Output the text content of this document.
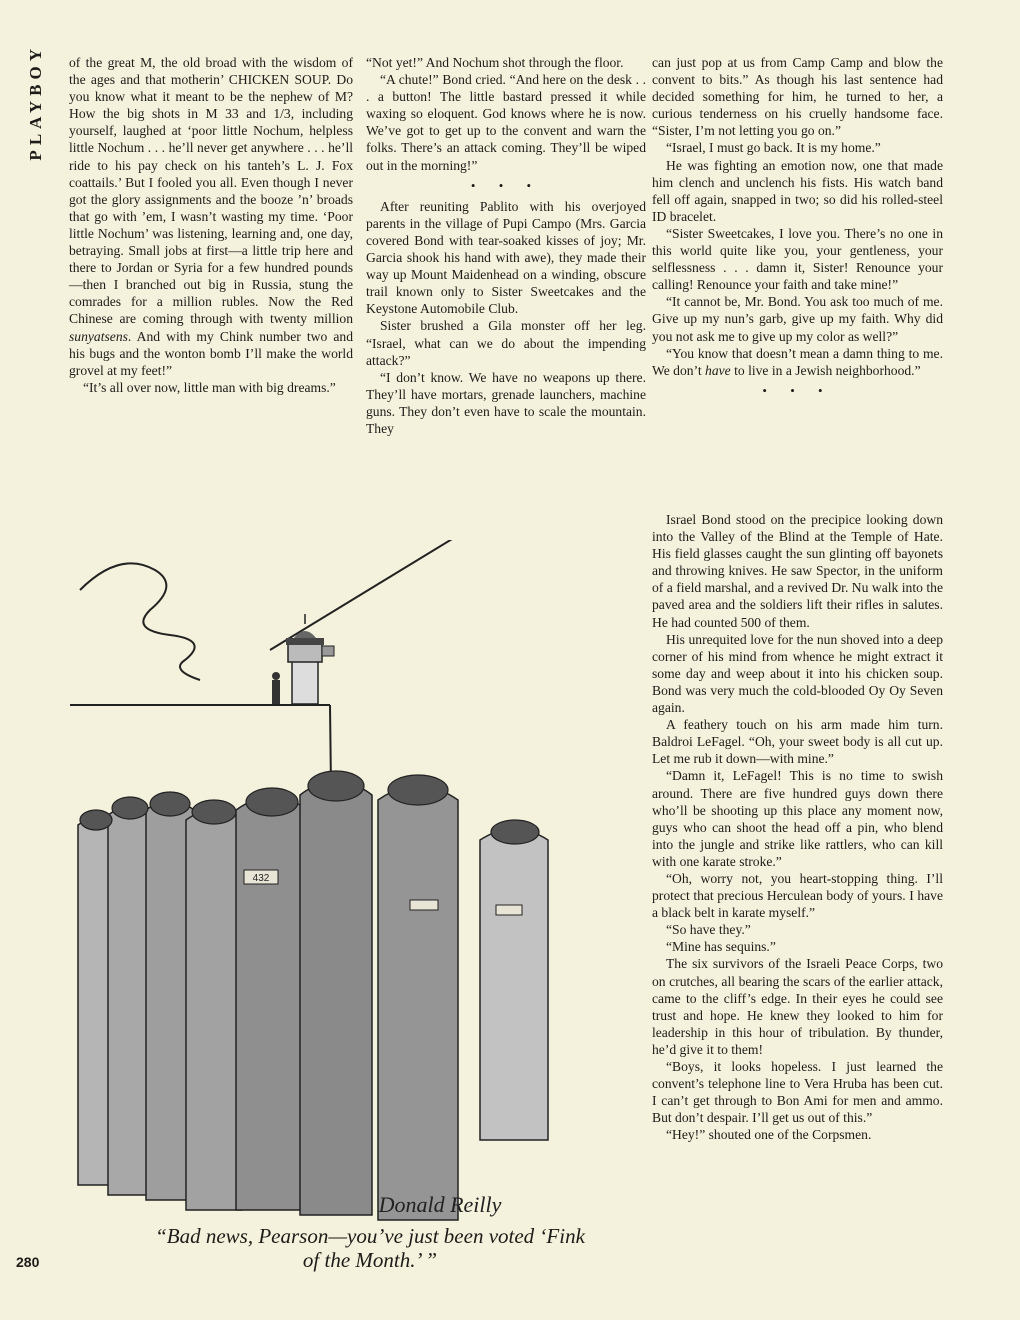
PLAYBOY	of the great M, the old broad with the wisdom of the ages and that motherin’ CHICKEN SOUP. Do you know what it meant to be the nephew of M? How the big shots in M 33 and 1/3, including yourself, laughed at ‘poor little Nochum, helpless little Nochum . . . he’ll never get anywhere . . . he’ll ride to his pay check on his tanteh’s L. J. Fox coattails.’ But I fooled you all. Even though I never got the glory assignments and the booze ’n’ broads that go with ’em, I wasn’t wasting my time. ‘Poor little Nochum’ was listening, learning and, one day, betraying. Small jobs at first—a little trip here and there to Jordan or Syria for a few hundred pounds—then I branched out big in Russia, stung the comrades for a million rubles. Now the Red Chinese are coming through with twenty million sunyatsens. And with my Chink number two and his bugs and the wonton bomb I’ll make the world grovel at my feet!”

“It’s all over now, little man with big dreams.”

“Not yet!” And Nochum shot through the floor.

“A chute!” Bond cried. “And here on the desk . . . a button! The little bastard pressed it while waxing so eloquent. God knows where he is now. We’ve got to get up to the convent and warn the folks. There’s an attack coming. They’ll be wiped out in the morning!”

• • •

After reuniting Pablito with his overjoyed parents in the village of Pupi Campo (Mrs. Garcia covered Bond with tear-soaked kisses of joy; Mr. Garcia shook his hand with awe), they made their way up Mount Maidenhead on a winding, obscure trail known only to Sister Sweetcakes and the Keystone Automobile Club.

Sister brushed a Gila monster off her leg. “Israel, what can we do about the impending attack?”

“I don’t know. We have no weapons up there. They’ll have mortars, grenade launchers, machine guns. They don’t even have to scale the mountain. They

can just pop at us from Camp Camp and blow the convent to bits.” As though his last sentence had decided something for him, he turned to her, a curious tenderness on his cruelly handsome face. “Sister, I’m not letting you go on.”

“Israel, I must go back. It is my home.”

He was fighting an emotion now, one that made him clench and unclench his fists. His watch band fell off again, snapped in two; so did his rolled-steel ID bracelet.

“Sister Sweetcakes, I love you. There’s no one in this world quite like you, your gentleness, your selflessness . . . damn it, Sister! Renounce your calling! Renounce your faith and take mine!”

“It cannot be, Mr. Bond. You ask too much of me. Give up my nun’s garb, give up my faith. Why did you not ask me to give up my color as well?”

“You know that doesn’t mean a damn thing to me. We don’t have to live in a Jewish neighborhood.”

• • •

Israel Bond stood on the precipice looking down into the Valley of the Blind at the Temple of Hate. His field glasses caught the sun glinting off bayonets and throwing knives. He saw Spector, in the uniform of a field marshal, and a revived Dr. Nu walk into the paved area and the soldiers lift their rifles in salutes. He had counted 500 of them.

His unrequited love for the nun shoved into a deep corner of his mind from whence he might extract it some day and weep about it into his chicken soup. Bond was very much the cold-blooded Oy Oy Seven again.

A feathery touch on his arm made him turn. Baldroi LeFagel. “Oh, your sweet body is all cut up. Let me rub it down—with mine.”

“Damn it, LeFagel! This is no time to swish around. There are five hundred guys down there who’ll be shooting up this place any moment now, guys who can shoot the head off a pin, who blend into the jungle and strike like rattlers, who can kill with one karate stroke.”

“Oh, worry not, you heart-stopping thing. I’ll protect that precious Herculean body of yours. I have a black belt in karate myself.”

“So have they.”

“Mine has sequins.”

The six survivors of the Israeli Peace Corps, two on crutches, all bearing the scars of the earlier attack, came to the cliff’s edge. In their eyes he could see trust and hope. He knew they looked to him for leadership in this hour of tribulation. By thunder, he’d give it to them!

“Boys, it looks hopeless. I just learned the convent’s telephone line to Vera Hruba has been cut. I can’t get through to Bon Ami for men and ammo. But don’t despair. I’ll get us out of this.”

“Hey!” shouted one of the Corpsmen.

432
Donald Reilly
“Bad news, Pearson—you’ve just been voted ‘Fink of the Month.’ ”
280
